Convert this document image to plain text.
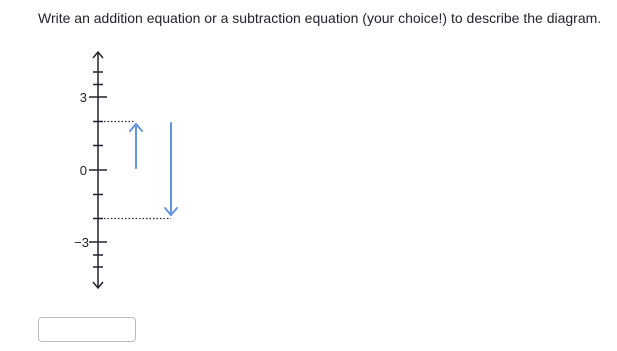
Write an addition equation or a subtraction equation (your choice!) to describe the diagram.
3
0
−3
